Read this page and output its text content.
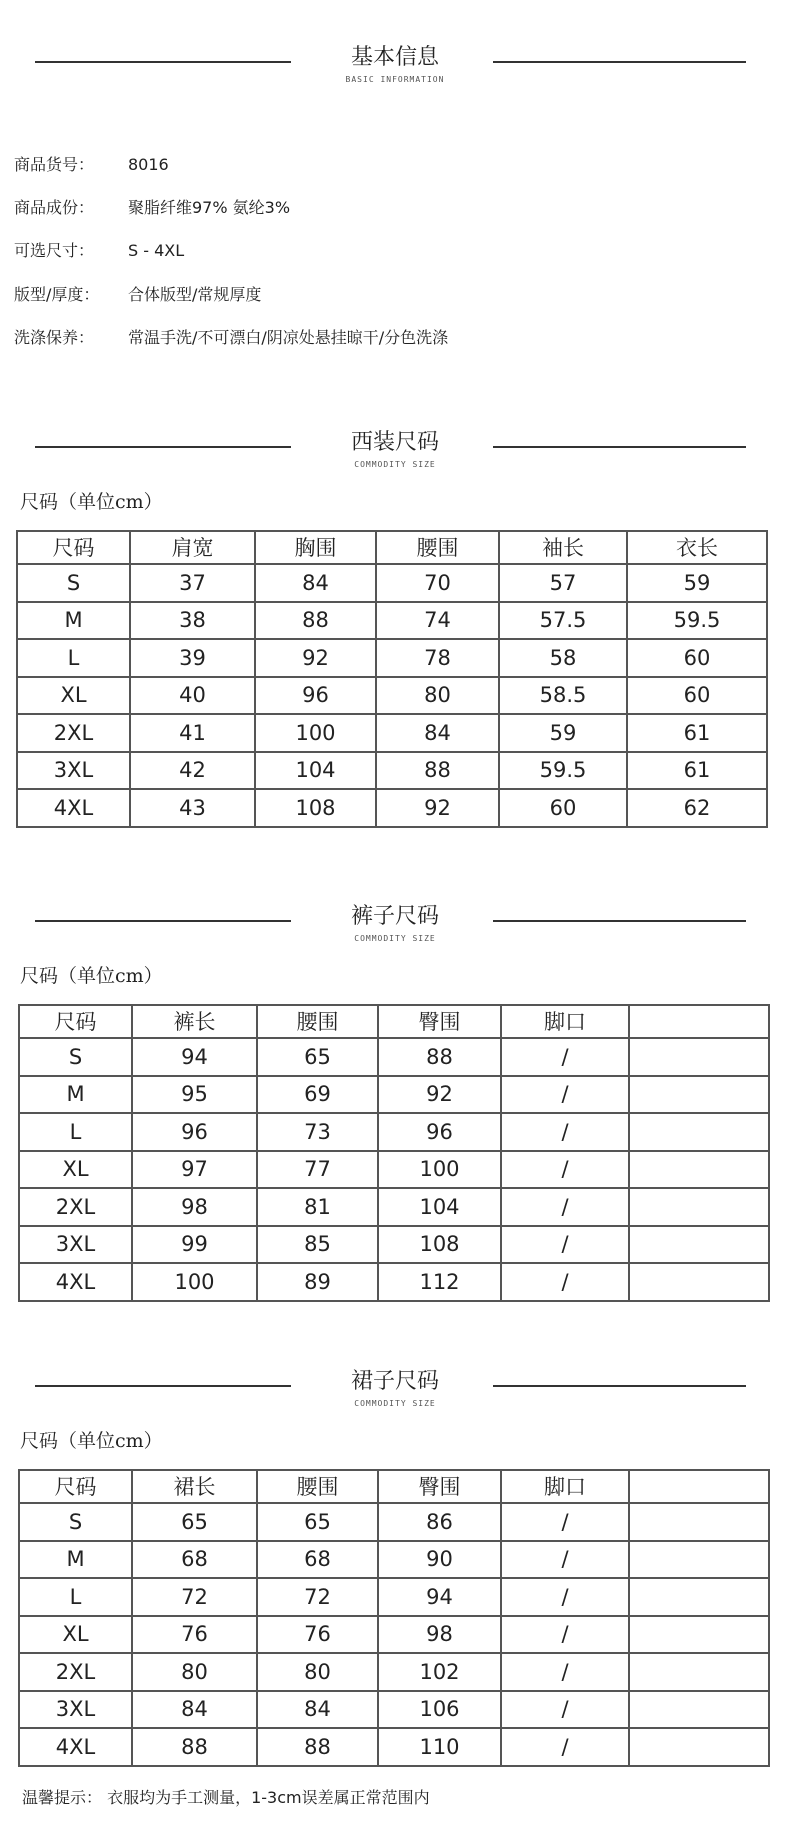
基本信息
BASIC INFORMATION
商品货号： 8016
商品成份： 聚脂纤维97% 氨纶3%
可选尺寸： S - 4XL
版型/厚度： 合体版型/常规厚度
洗涤保养： 常温手洗/不可漂白/阴凉处悬挂晾干/分色洗涤
西装尺码
COMMODITY SIZE
尺码（单位cm）
尺码	肩宽	胸围	腰围	袖长	衣长
S	37	84	70	57	59
M	38	88	74	57.5	59.5
L	39	92	78	58	60
XL	40	96	80	58.5	60
2XL	41	100	84	59	61
3XL	42	104	88	59.5	61
4XL	43	108	92	60	62
裤子尺码
COMMODITY SIZE
尺码（单位cm）
尺码	裤长	腰围	臀围	脚口	
S	94	65	88	/	
M	95	69	92	/	
L	96	73	96	/	
XL	97	77	100	/	
2XL	98	81	104	/	
3XL	99	85	108	/	
4XL	100	89	112	/	
裙子尺码
COMMODITY SIZE
尺码（单位cm）
尺码	裙长	腰围	臀围	脚口	
S	65	65	86	/	
M	68	68	90	/	
L	72	72	94	/	
XL	76	76	98	/	
2XL	80	80	102	/	
3XL	84	84	106	/	
4XL	88	88	110	/	
温馨提示： 衣服均为手工测量，1-3cm误差属正常范围内
